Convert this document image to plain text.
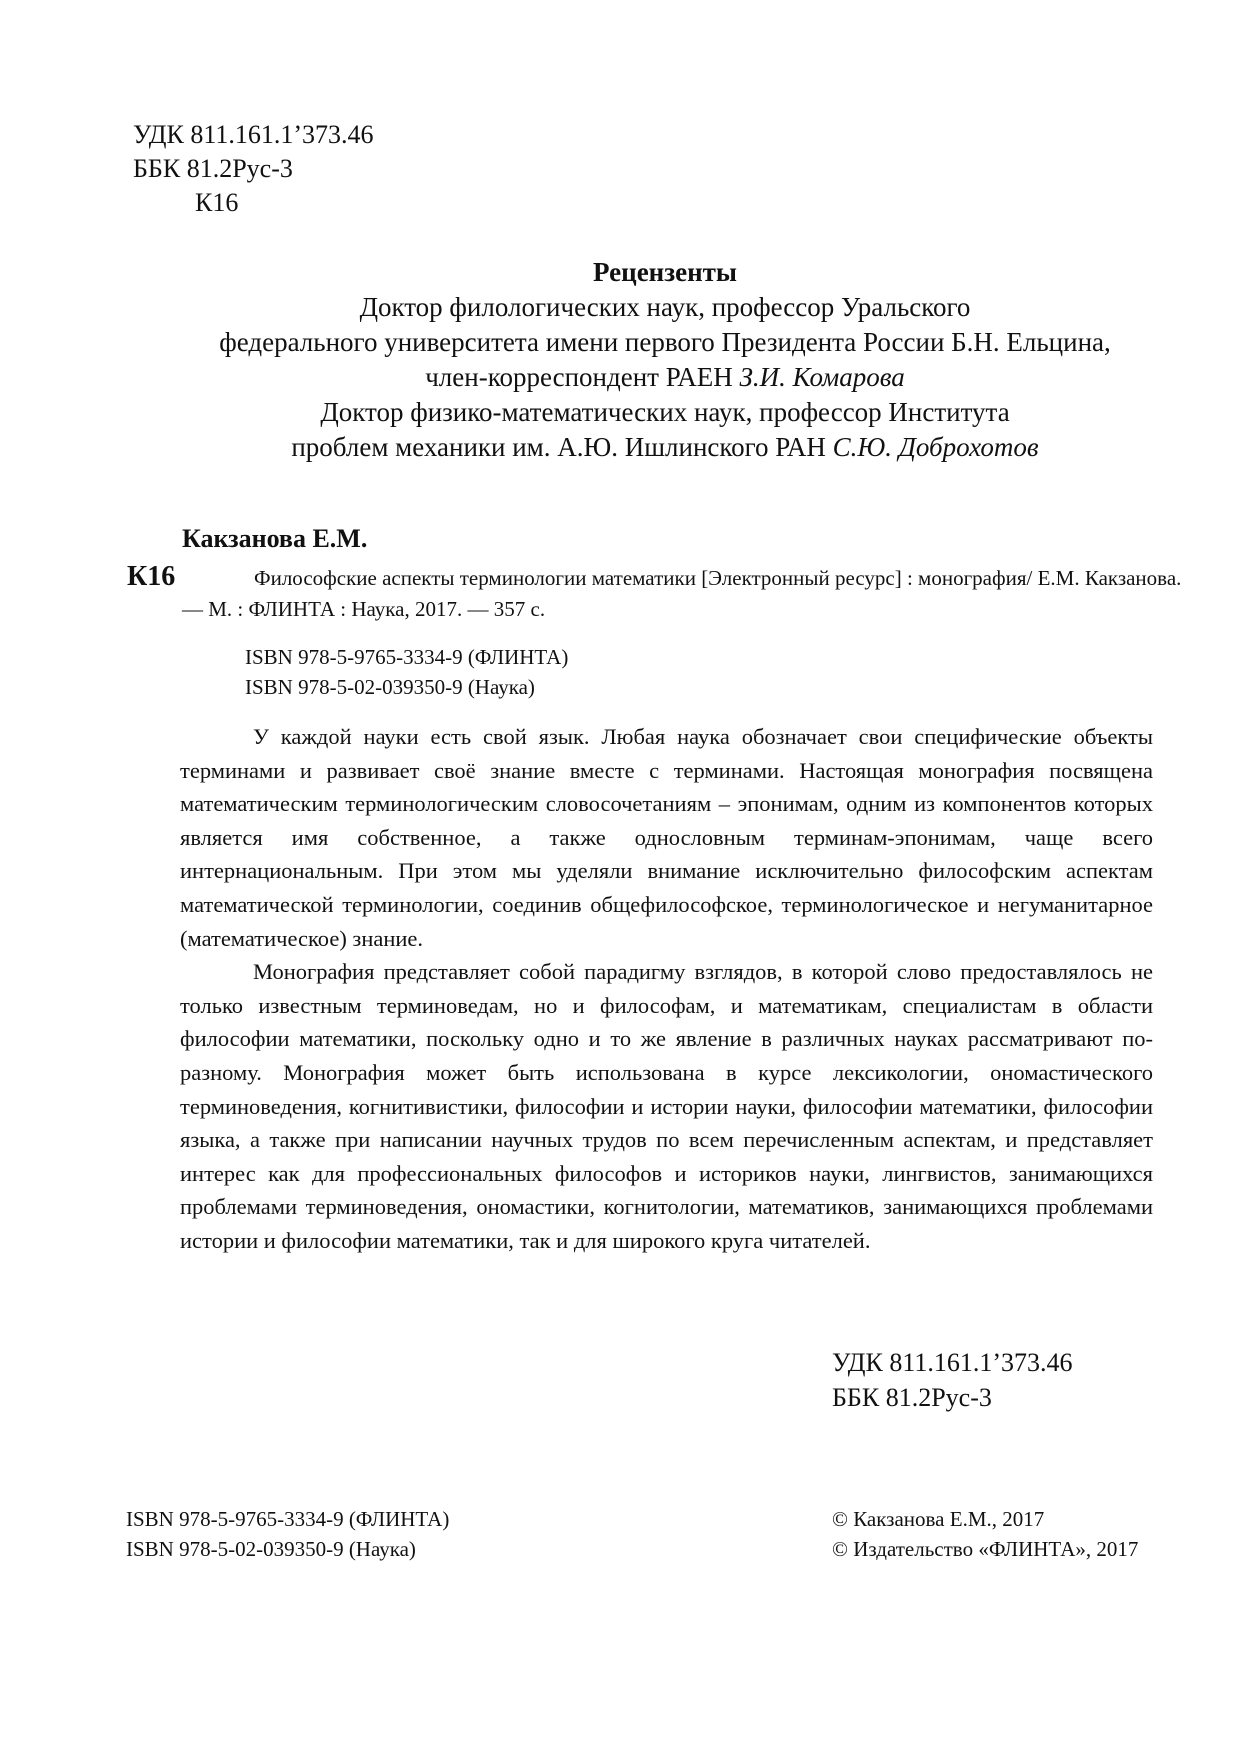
УДК 811.161.1’373.46
ББК 81.2Рус-3
К16
Рецензенты
Доктор филологических наук, профессор Уральского
федерального университета имени первого Президента России Б.Н. Ельцина,
член-корреспондент РАЕН З.И. Комарова
Доктор физико-математических наук, профессор Института
проблем механики им. А.Ю. Ишлинского РАН С.Ю. Доброхотов
Какзанова Е.М.
К16	Философские аспекты терминологии математики [Электронный ресурс] : монография/ Е.М. Какзанова. — М. : ФЛИНТА : Наука, 2017. — 357 с.
ISBN 978-5-9765-3334-9 (ФЛИНТА)
ISBN 978-5-02-039350-9 (Наука)

У каждой науки есть свой язык. Любая наука обозначает свои специфические объекты терминами и развивает своё знание вместе с терминами. Настоящая монография посвящена математическим терминологическим словосочетаниям – эпонимам, одним из компонентов которых является имя собственное, а также однословным терминам-эпонимам, чаще всего интернациональным. При этом мы уделяли внимание исключительно философским аспектам математической терминологии, соединив общефилософское, терминологическое и негуманитарное (математическое) знание.

Монография представляет собой парадигму взглядов, в которой слово предоставлялось не только известным терминоведам, но и философам, и математикам, специалистам в области философии математики, поскольку одно и то же явление в различных науках рассматривают по-разному. Монография может быть использована в курсе лексикологии, ономастического терминоведения, когнитивистики, философии и истории науки, философии математики, философии языка, а также при написании научных трудов по всем перечисленным аспектам, и представляет интерес как для профессиональных философов и историков науки, лингвистов, занимающихся проблемами терминоведения, ономастики, когнитологии, математиков, занимающихся проблемами истории и философии математики, так и для широкого круга читателей.

УДК 811.161.1’373.46
ББК 81.2Рус-3
ISBN 978-5-9765-3334-9 (ФЛИНТА)
ISBN 978-5-02-039350-9 (Наука)
© Какзанова Е.М., 2017
© Издательство «ФЛИНТА», 2017
